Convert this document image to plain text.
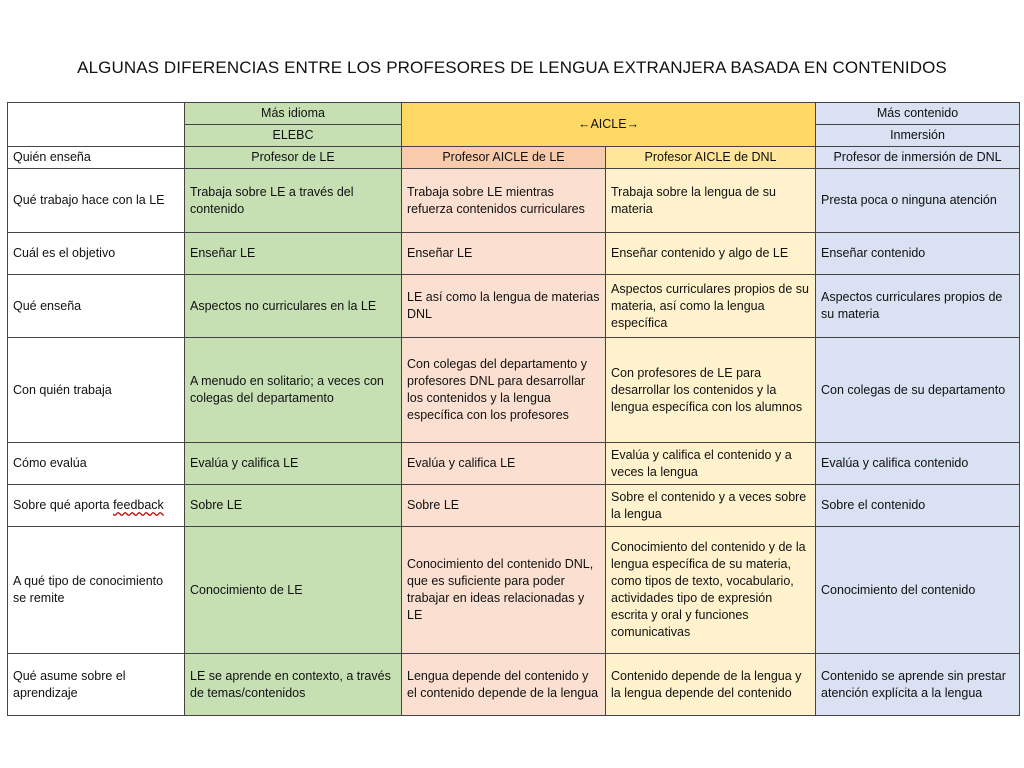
ALGUNAS DIFERENCIAS ENTRE LOS PROFESORES DE LENGUA EXTRANJERA BASADA EN CONTENIDOS
	Más idioma	←AICLE→		Más contenido
	ELEBC			Inmersión
Quién enseña	Profesor de LE	Profesor AICLE de LE	Profesor AICLE de DNL	Profesor de inmersión de DNL
Qué trabajo hace con la LE	Trabaja sobre LE a través del contenido	Trabaja sobre LE mientras refuerza contenidos curriculares	Trabaja sobre la lengua de su materia	Presta poca o ninguna atención
Cuál es el objetivo	Enseñar LE	Enseñar LE	Enseñar contenido y algo de LE	Enseñar contenido
Qué enseña	Aspectos no curriculares en la LE	LE así como la lengua de materias DNL	Aspectos curriculares propios de su materia, así como la lengua específica	Aspectos curriculares propios de su materia
Con quién trabaja	A menudo en solitario; a veces con colegas del departamento	Con colegas del departamento y profesores DNL para desarrollar los contenidos y la lengua específica con los profesores	Con profesores de LE para desarrollar los contenidos y la lengua específica con los alumnos	Con colegas de su departamento
Cómo evalúa	Evalúa y califica LE	Evalúa y califica LE	Evalúa y califica el contenido y a veces la lengua	Evalúa y califica contenido
Sobre qué aporta feedback	Sobre LE	Sobre LE	Sobre el contenido y a veces sobre la lengua	Sobre el contenido
A qué tipo de conocimiento se remite	Conocimiento de LE	Conocimiento del contenido DNL, que es suficiente para poder trabajar en ideas relacionadas y LE	Conocimiento del contenido y de la lengua específica de su materia, como tipos de texto, vocabulario, actividades tipo de expresión escrita y oral y funciones comunicativas	Conocimiento del contenido
Qué asume sobre el aprendizaje	LE se aprende en contexto, a través de temas/contenidos	Lengua depende del contenido y el contenido depende de la lengua	Contenido depende de la lengua y la lengua depende del contenido	Contenido se aprende sin prestar atención explícita a la lengua
